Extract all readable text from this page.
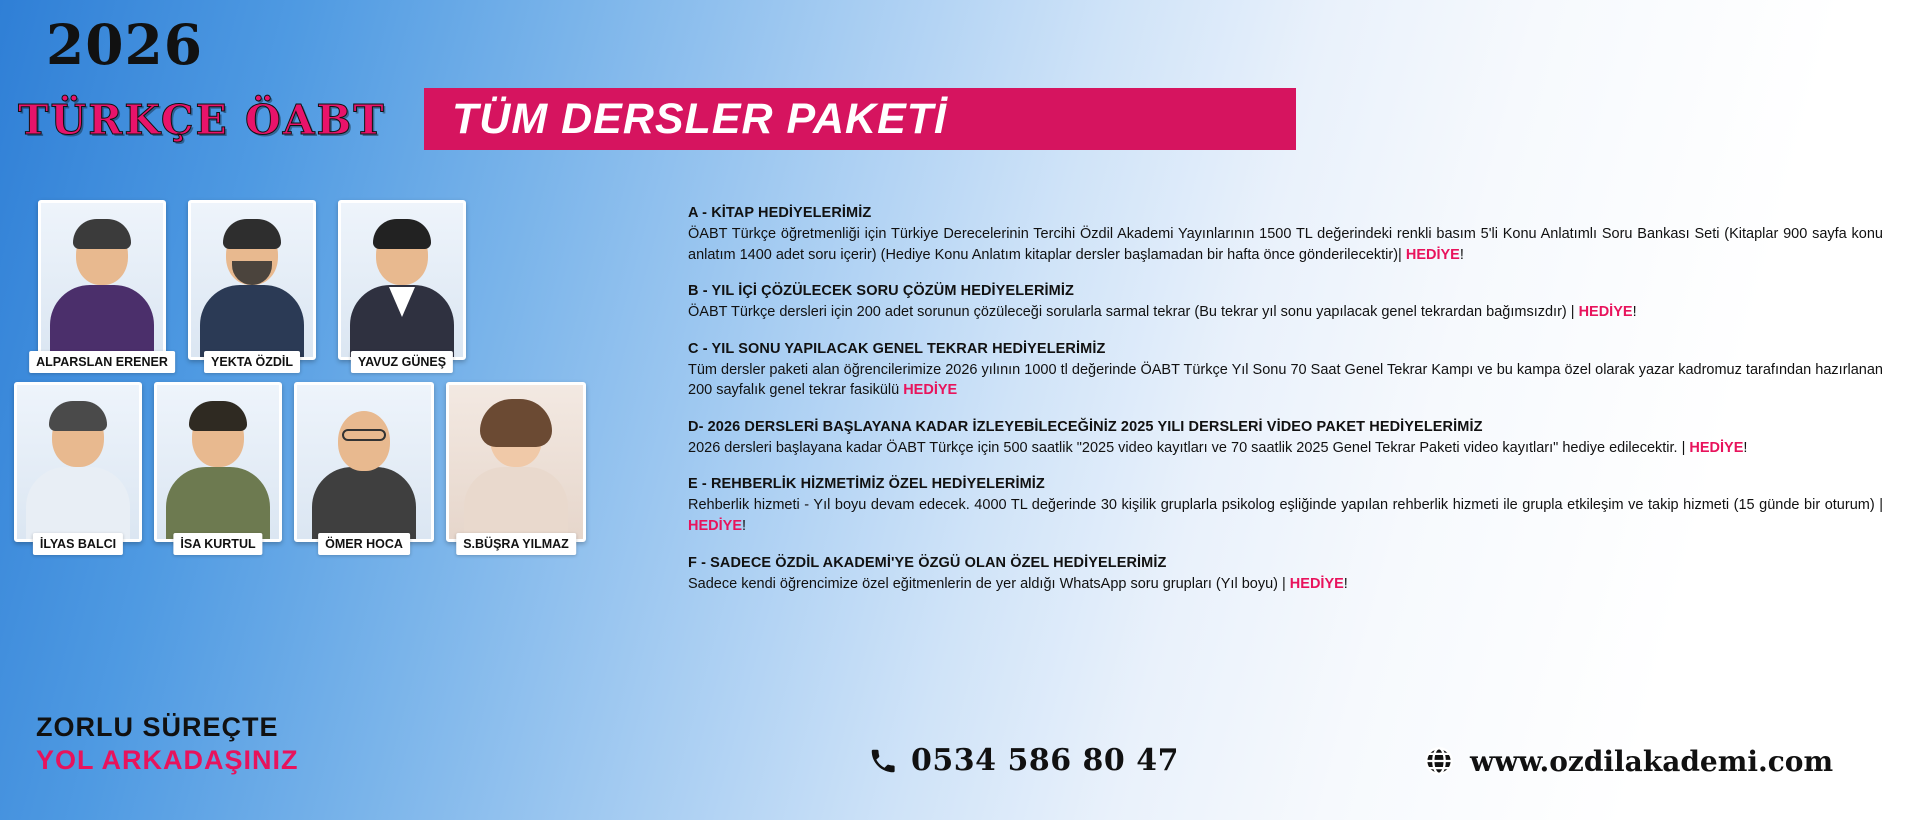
2026
TÜRKÇE ÖABT	TÜM DERSLER PAKETİ
ALPARSLAN ERENER	YEKTA ÖZDİL	YAVUZ GÜNEŞ
İLYAS BALCI	İSA KURTUL	ÖMER HOCA	S.BÜŞRA YILMAZ
A - KİTAP HEDİYELERİMİZ

ÖABT Türkçe öğretmenliği için Türkiye Derecelerinin Tercihi Özdil Akademi Yayınlarının 1500 TL değerindeki renkli basım 5'li Konu Anlatımlı Soru Bankası Seti (Kitaplar 900 sayfa konu anlatım 1400 adet soru içerir) (Hediye Konu Anlatım kitaplar dersler başlamadan bir hafta önce gönderilecektir)| HEDİYE!

B - YIL İÇİ ÇÖZÜLECEK SORU ÇÖZÜM HEDİYELERİMİZ

ÖABT Türkçe dersleri için 200 adet sorunun çözüleceği sorularla sarmal tekrar (Bu tekrar yıl sonu yapılacak genel tekrardan bağımsızdır) | HEDİYE!

C - YIL SONU YAPILACAK GENEL TEKRAR HEDİYELERİMİZ

Tüm dersler paketi alan öğrencilerimize 2026 yılının 1000 tl değerinde ÖABT Türkçe Yıl Sonu 70 Saat Genel Tekrar Kampı ve bu kampa özel olarak yazar kadromuz tarafından hazırlanan 200 sayfalık genel tekrar fasikülü HEDİYE

D- 2026 DERSLERİ BAŞLAYANA KADAR İZLEYEBİLECEĞİNİZ 2025 YILI DERSLERİ VİDEO PAKET HEDİYELERİMİZ

2026 dersleri başlayana kadar ÖABT Türkçe için 500 saatlik "2025 video kayıtları ve 70 saatlik 2025 Genel Tekrar Paketi video kayıtları" hediye edilecektir. | HEDİYE!

E - REHBERLİK HİZMETİMİZ ÖZEL HEDİYELERİMİZ

Rehberlik hizmeti - Yıl boyu devam edecek. 4000 TL değerinde 30 kişilik gruplarla psikolog eşliğinde yapılan rehberlik hizmeti ile grupla etkileşim ve takip hizmeti (15 günde bir oturum) | HEDİYE!

F - SADECE ÖZDİL AKADEMİ'YE ÖZGÜ OLAN ÖZEL HEDİYELERİMİZ

Sadece kendi öğrencimize özel eğitmenlerin de yer aldığı WhatsApp soru grupları (Yıl boyu) | HEDİYE!

ZORLU SÜREÇTE
YOL ARKADAŞINIZ	0534 586 80 47	www.ozdilakademi.com
